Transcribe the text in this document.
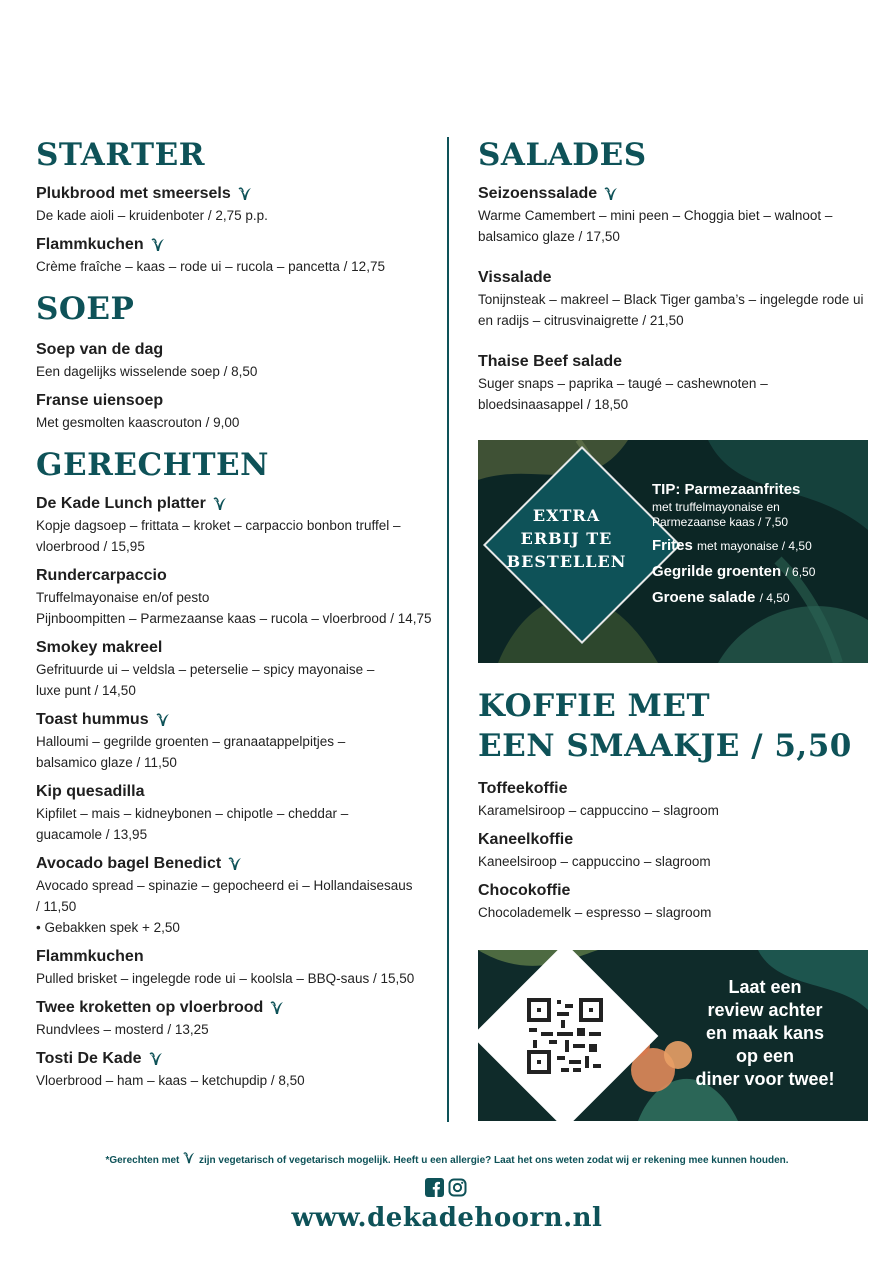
STARTER
Plukbrood met smeersels
De kade aioli – kruidenboter / 2,75 p.p.
Flammkuchen
Crème fraîche – kaas – rode ui – rucola – pancetta / 12,75
SOEP
Soep van de dag
Een dagelijks wisselende soep / 8,50
Franse uiensoep
Met gesmolten kaascrouton / 9,00
GERECHTEN
De Kade Lunch platter
Kopje dagsoep – frittata – kroket – carpaccio bonbon truffel –
vloerbrood / 15,95
Rundercarpaccio
Truffelmayonaise en/of pesto
Pijnboompitten – Parmezaanse kaas – rucola – vloerbrood / 14,75
Smokey makreel
Gefrituurde ui – veldsla – peterselie – spicy mayonaise –
luxe punt / 14,50
Toast hummus
Halloumi – gegrilde groenten – granaatappelpitjes –
balsamico glaze / 11,50
Kip quesadilla
Kipfilet – mais – kidneybonen – chipotle – cheddar –
guacamole / 13,95
Avocado bagel Benedict
Avocado spread – spinazie – gepocheerd ei – Hollandaisesaus
/ 11,50
• Gebakken spek + 2,50
Flammkuchen
Pulled brisket – ingelegde rode ui – koolsla – BBQ-saus / 15,50
Twee kroketten op vloerbrood
Rundvlees – mosterd / 13,25
Tosti De Kade
Vloerbrood – ham – kaas – ketchupdip / 8,50
SALADES
Seizoenssalade
Warme Camembert – mini peen – Choggia biet – walnoot –
balsamico glaze / 17,50
Vissalade
Tonijnsteak – makreel – Black Tiger gamba’s – ingelegde rode ui
en radijs – citrusvinaigrette / 21,50
Thaise Beef salade
Suger snaps – paprika – taugé – cashewnoten –
bloedsinaasappel / 18,50
EXTRA
ERBIJ TE
BESTELLEN
TIP: Parmezaanfrites
met truffelmayonaise en
Parmezaanse kaas / 7,50
Frites met mayonaise / 4,50
Gegrilde groenten / 6,50
Groene salade / 4,50
KOFFIE MET
EEN SMAAKJE / 5,50
Toffeekoffie
Karamelsiroop – cappuccino – slagroom
Kaneelkoffie
Kaneelsiroop – cappuccino – slagroom
Chocokoffie
Chocolademelk – espresso – slagroom
Laat een
review achter
en maak kans
op een
diner voor twee!
*Gerechten met zijn vegetarisch of vegetarisch mogelijk. Heeft u een allergie? Laat het ons weten zodat wij er rekening mee kunnen houden.
www.dekadehoorn.nl
